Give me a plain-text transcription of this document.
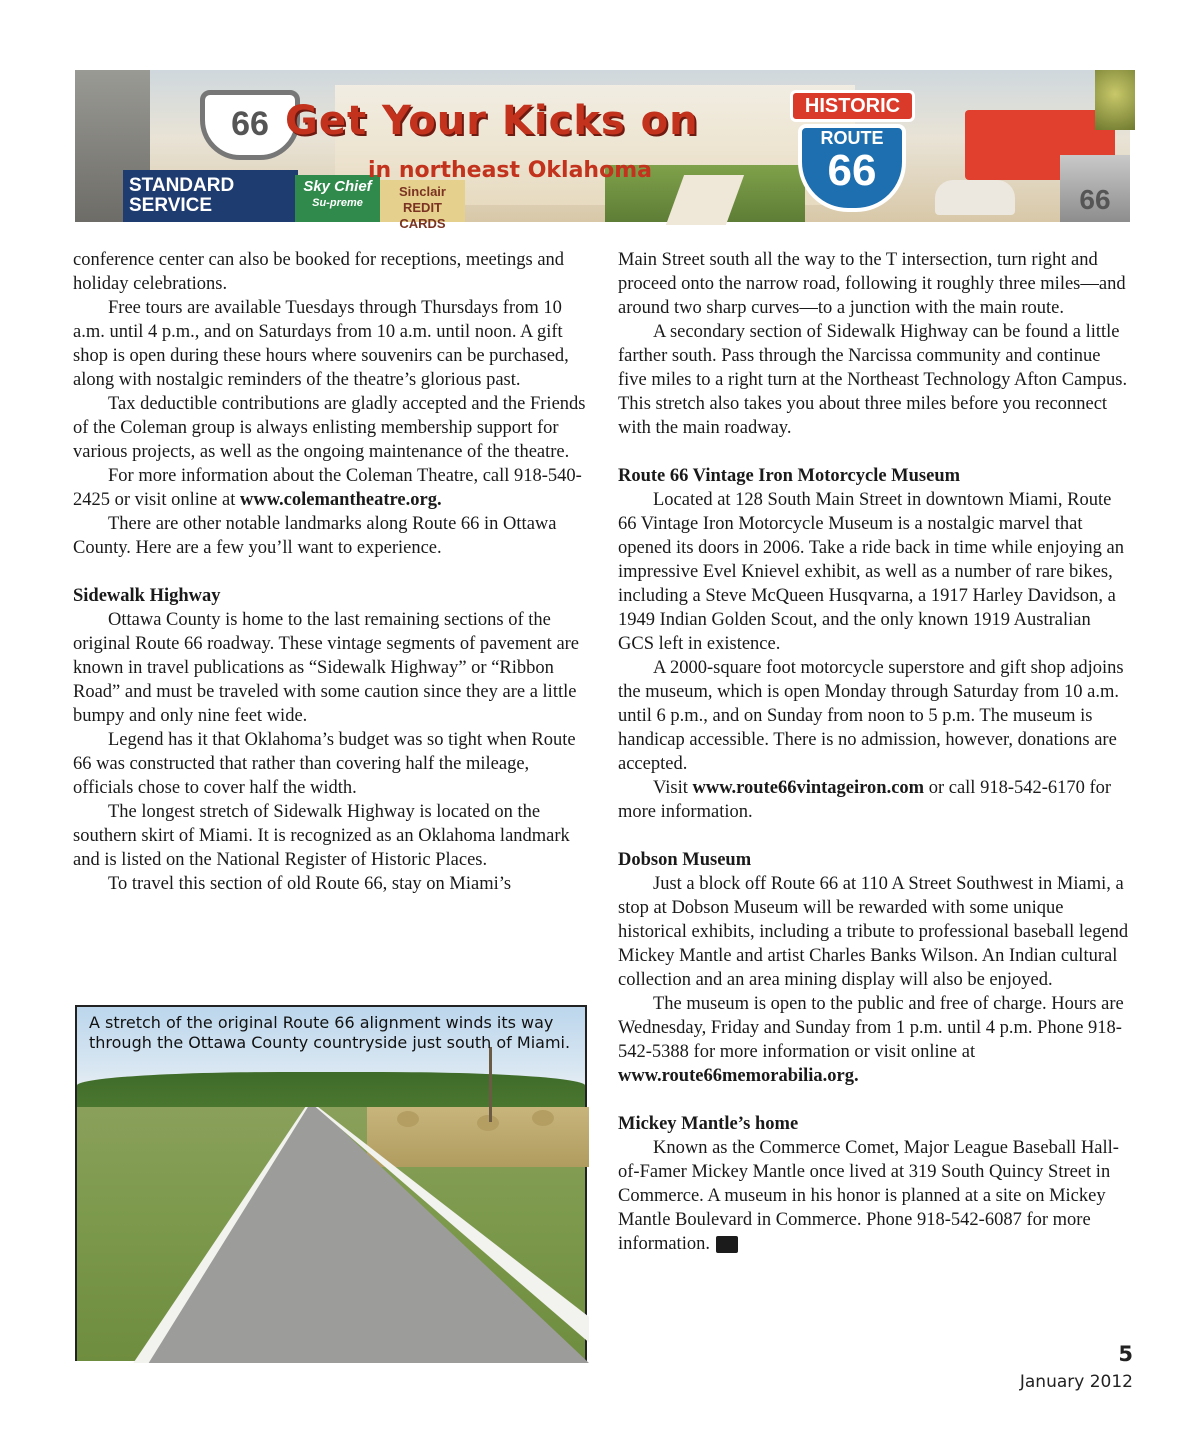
66
STANDARD
SERVICE
Sky Chief
Su-preme
Sinclair
REDIT CARDS
Get Your Kicks on
in northeast Oklahoma
HISTORIC
ROUTE
66
66

conference center can also be booked for receptions, meetings and holiday celebrations.

Free tours are available Tuesdays through Thursdays from 10 a.m. until 4 p.m., and on Saturdays from 10 a.m. until noon. A gift shop is open during these hours where souvenirs can be purchased, along with nostalgic reminders of the theatre’s glorious past.

Tax deductible contributions are gladly accepted and the Friends of the Coleman group is always enlisting membership support for various projects, as well as the ongoing maintenance of the theatre.

For more information about the Coleman Theatre, call 918-540-2425 or visit online at www.colemantheatre.org.

There are other notable landmarks along Route 66 in Ottawa County. Here are a few you’ll want to experience.

Sidewalk Highway

Ottawa County is home to the last remaining sections of the original Route 66 roadway. These vintage segments of pavement are known in travel publications as “Sidewalk Highway” or “Ribbon Road” and must be traveled with some caution since they are a little bumpy and only nine feet wide.

Legend has it that Oklahoma’s budget was so tight when Route 66 was constructed that rather than covering half the mileage, officials chose to cover half the width.

The longest stretch of Sidewalk Highway is located on the southern skirt of Miami. It is recognized as an Oklahoma landmark and is listed on the National Register of Historic Places.

To travel this section of old Route 66, stay on Miami’s

Main Street south all the way to the T intersection, turn right and proceed onto the narrow road, following it roughly three miles—and around two sharp curves—to a junction with the main route.

A secondary section of Sidewalk Highway can be found a little farther south. Pass through the Narcissa community and continue five miles to a right turn at the Northeast Technology Afton Campus. This stretch also takes you about three miles before you reconnect with the main roadway.

Route 66 Vintage Iron Motorcycle Museum

Located at 128 South Main Street in downtown Miami, Route 66 Vintage Iron Motorcycle Museum is a nostalgic marvel that opened its doors in 2006. Take a ride back in time while enjoying an impressive Evel Knievel exhibit, as well as a number of rare bikes, including a Steve McQueen Husqvarna, a 1917 Harley Davidson, a 1949 Indian Golden Scout, and the only known 1919 Australian GCS left in existence.

A 2000-square foot motorcycle superstore and gift shop adjoins the museum, which is open Monday through Saturday from 10 a.m. until 6 p.m., and on Sunday from noon to 5 p.m. The museum is handicap accessible. There is no admission, however, donations are accepted.

Visit www.route66vintageiron.com or call 918-542-6170 for more information.

Dobson Museum

Just a block off Route 66 at 110 A Street Southwest in Miami, a stop at Dobson Museum will be rewarded with some unique historical exhibits, including a tribute to professional baseball legend Mickey Mantle and artist Charles Banks Wilson. An Indian cultural collection and an area mining display will also be enjoyed.

The museum is open to the public and free of charge. Hours are Wednesday, Friday and Sunday from 1 p.m. until 4 p.m. Phone 918-542-5388 for more information or visit online at www.route66memorabilia.org.

Mickey Mantle’s home

Known as the Commerce Comet, Major League Baseball Hall-of-Famer Mickey Mantle once lived at 319 South Quincy Street in Commerce. A museum in his honor is planned at a site on Mickey Mantle Boulevard in Commerce. Phone 918-542-6087 for more information.	REC

A stretch of the original Route 66 alignment winds its way through the Ottawa County countryside just south of Miami.
5
January 2012
